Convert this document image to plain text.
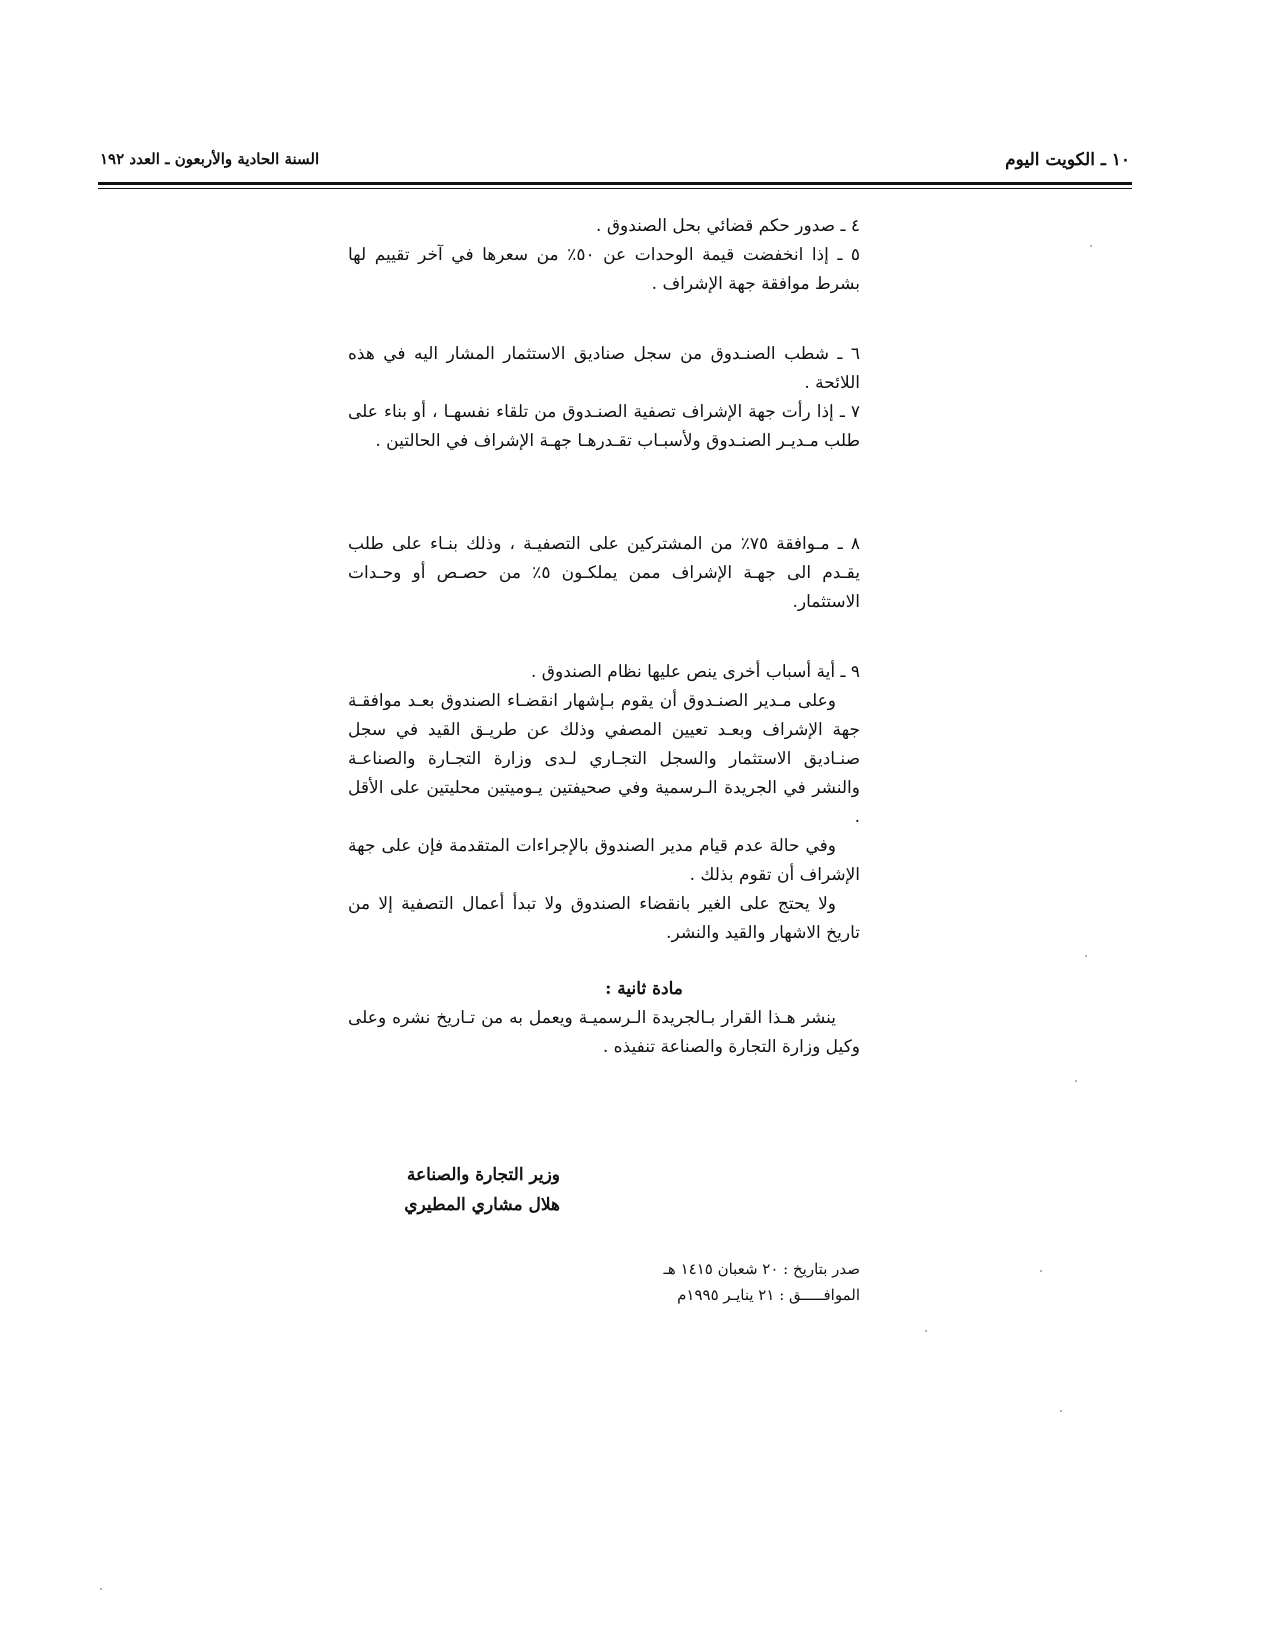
١٠ ـ الكويت اليوم
السنة الحادية والأربعون ـ العدد ١٩٢

٤ ـ صدور حكم قضائي بحل الصندوق .

٥ ـ إذا انخفضت قيمة الوحدات عن ٥٠٪ من سعرها في آخر تقييم لها بشرط موافقة جهة الإشراف .

٦ ـ شطب الصنـدوق من سجل صناديق الاستثمار المشار اليه في هذه اللائحة .

٧ ـ إذا رأت جهة الإشراف تصفية الصنـدوق من تلقاء نفسهـا ، أو بناء على طلب مـديـر الصنـدوق ولأسبـاب تقـدرهـا جهـة الإشراف في الحالتين .

٨ ـ مـوافقة ٧٥٪ من المشتركين على التصفيـة ، وذلك بنـاء على طلب يقـدم الى جهـة الإشراف ممن يملكـون ٥٪ من حصـص أو وحـدات الاستثمار.

٩ ـ أية أسباب أخرى ينص عليها نظام الصندوق .

وعلى مـدير الصنـدوق أن يقوم بـإشهار انقضـاء الصندوق بعـد موافقـة جهة الإشراف وبعـد تعيين المصفي وذلك عن طريـق القيد في سجل صنـاديق الاستثمار والسجل التجـاري لـدى وزارة التجـارة والصناعـة والنشر في الجريدة الـرسمية وفي صحيفتين يـوميتين محليتين على الأقل .

وفي حالة عدم قيام مدير الصندوق بالإجراءات المتقدمة فإن على جهة الإشراف أن تقوم بذلك .

ولا يحتج على الغير بانقضاء الصندوق ولا تبدأ أعمال التصفية إلا من تاريخ الاشهار والقيد والنشر.

مادة ثانية :

ينشر هـذا القرار بـالجريدة الـرسميـة ويعمل به من تـاريخ نشره وعلى وكيل وزارة التجارة والصناعة تنفيذه .

وزير التجارة والصناعة
هلال مشاري المطيري
صدر بتاريخ : ٢٠ شعبان ١٤١٥ هـ
الموافـــــق : ٢١ ينايـر ١٩٩٥م
